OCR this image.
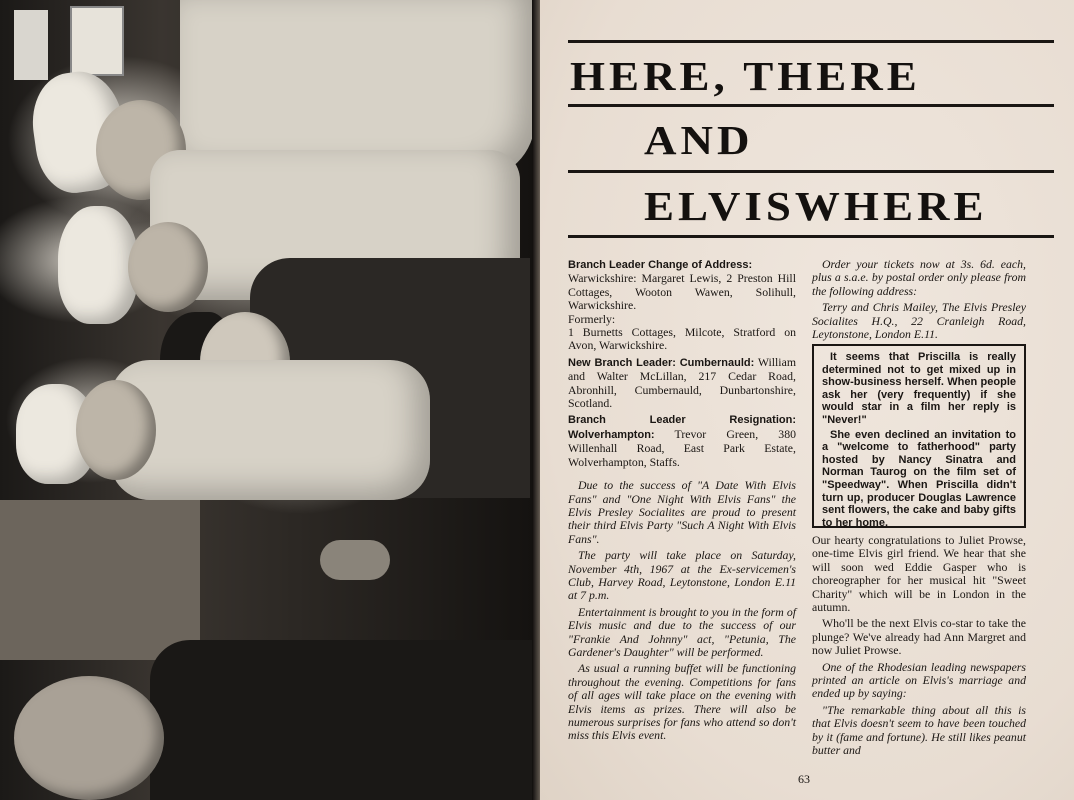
HERE, THERE
AND
ELVISWHERE

Branch Leader Change of Address:
Warwickshire: Margaret Lewis, 2 Preston Hill Cottages, Wooton Wawen, Solihull, Warwickshire.
Formerly:
1 Burnetts Cottages, Milcote, Stratford on Avon, Warwickshire.

New Branch Leader: Cumbernauld: William and Walter McLillan, 217 Cedar Road, Abronhill, Cumbernauld, Dunbartonshire, Scotland.

Branch Leader Resignation: Wolverhampton: Trevor Green, 380 Willenhall Road, East Park Estate, Wolverhampton, Staffs.

Due to the success of "A Date With Elvis Fans" and "One Night With Elvis Fans" the Elvis Presley Socialites are proud to present their third Elvis Party "Such A Night With Elvis Fans".

The party will take place on Saturday, November 4th, 1967 at the Ex-servicemen's Club, Harvey Road, Leytonstone, London E.11 at 7 p.m.

Entertainment is brought to you in the form of Elvis music and due to the success of our "Frankie And Johnny" act, "Petunia, The Gardener's Daughter" will be performed.

As usual a running buffet will be functioning throughout the evening. Competitions for fans of all ages will take place on the evening with Elvis items as prizes. There will also be numerous surprises for fans who attend so don't miss this Elvis event.

Order your tickets now at 3s. 6d. each, plus a s.a.e. by postal order only please from the following address:

Terry and Chris Mailey, The Elvis Presley Socialites H.Q., 22 Cranleigh Road, Leytonstone, London E.11.

It seems that Priscilla is really determined not to get mixed up in show-business herself. When people ask her (very frequently) if she would star in a film her reply is "Never!"

She even declined an invitation to a "welcome to fatherhood" party hosted by Nancy Sinatra and Norman Taurog on the film set of "Speedway". When Priscilla didn't turn up, producer Douglas Lawrence sent flowers, the cake and baby gifts to her home.

Our hearty congratulations to Juliet Prowse, one-time Elvis girl friend. We hear that she will soon wed Eddie Gasper who is choreographer for her musical hit "Sweet Charity" which will be in London in the autumn.

Who'll be the next Elvis co-star to take the plunge? We've already had Ann Margret and now Juliet Prowse.

One of the Rhodesian leading newspapers printed an article on Elvis's marriage and ended up by saying:

"The remarkable thing about all this is that Elvis doesn't seem to have been touched by it (fame and fortune). He still likes peanut butter and

63
